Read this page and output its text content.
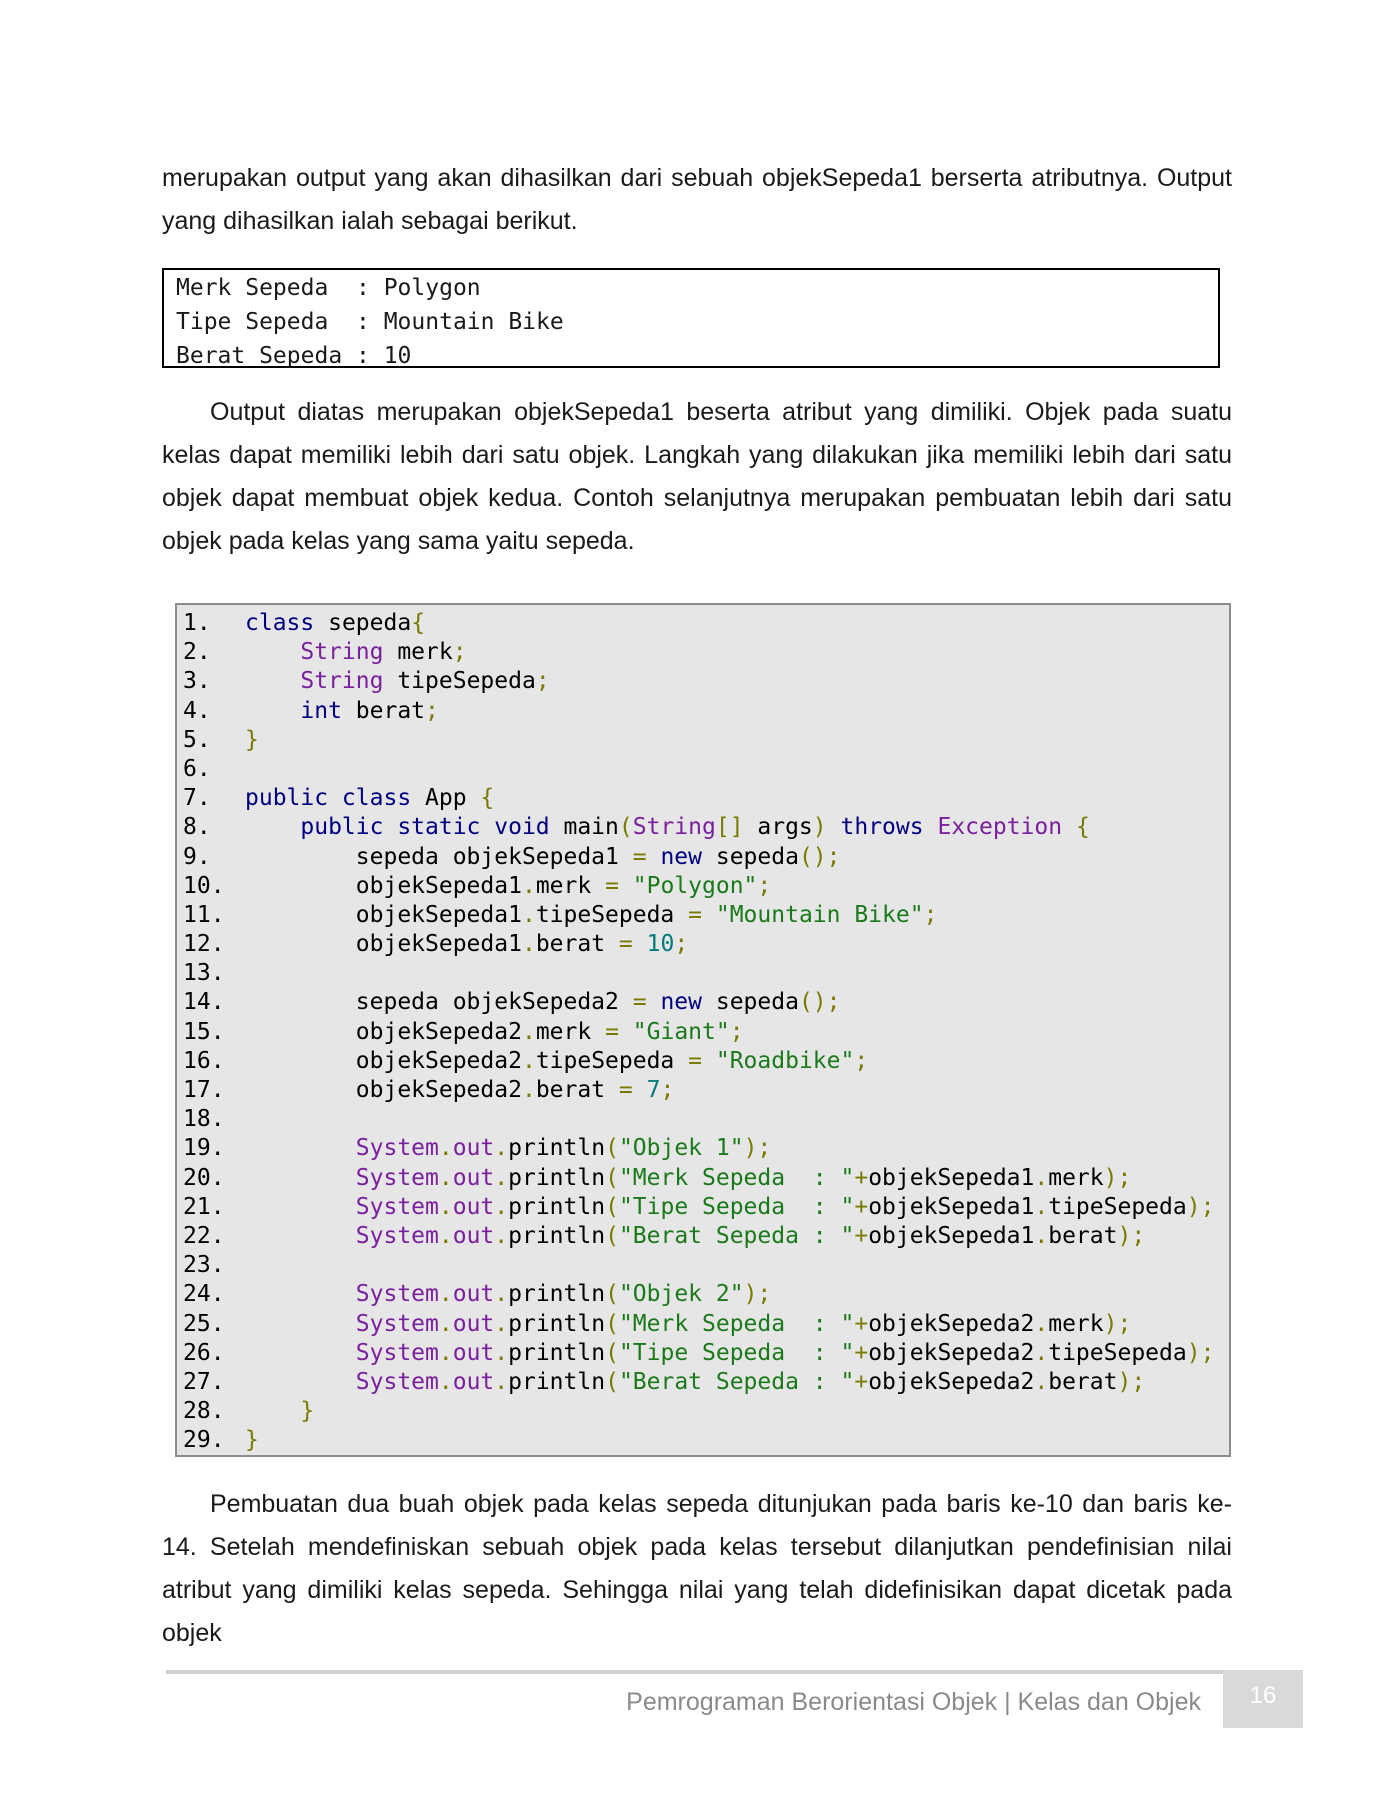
merupakan output yang akan dihasilkan dari sebuah objekSepeda1 berserta atributnya. Output yang dihasilkan ialah sebagai berikut.
Merk Sepeda  : Polygon
Tipe Sepeda  : Mountain Bike
Berat Sepeda : 10
Output diatas merupakan objekSepeda1 beserta atribut yang dimiliki. Objek pada suatu kelas dapat memiliki lebih dari satu objek. Langkah yang dilakukan jika memiliki lebih dari satu objek dapat membuat objek kedua. Contoh selanjutnya merupakan pembuatan lebih dari satu objek pada kelas yang sama yaitu sepeda.
1. class sepeda{
2.	String merk;
3.	String tipeSepeda;
4.	int berat;
5. }
6.
7. public class App {
8.	public static void main(String[] args) throws Exception {
9.        sepeda objekSepeda1 = new sepeda();
10.        objekSepeda1.merk = "Polygon";
11.        objekSepeda1.tipeSepeda = "Mountain Bike";
12.        objekSepeda1.berat = 10;
13.
14.        sepeda objekSepeda2 = new sepeda();
15.        objekSepeda2.merk = "Giant";
16.        objekSepeda2.tipeSepeda = "Roadbike";
17.        objekSepeda2.berat = 7;
18.
19.	System.out.println("Objek 1");
20.	System.out.println("Merk Sepeda  : "+objekSepeda1.merk);
21.	System.out.println("Tipe Sepeda  : "+objekSepeda1.tipeSepeda);
22.	System.out.println("Berat Sepeda : "+objekSepeda1.berat);
23.
24.	System.out.println("Objek 2");
25.	System.out.println("Merk Sepeda  : "+objekSepeda2.merk);
26.	System.out.println("Tipe Sepeda  : "+objekSepeda2.tipeSepeda);
27.	System.out.println("Berat Sepeda : "+objekSepeda2.berat);
28.	}
29. }
Pembuatan dua buah objek pada kelas sepeda ditunjukan pada baris ke-10 dan baris ke-14. Setelah mendefiniskan sebuah objek pada kelas tersebut dilanjutkan pendefinisian nilai atribut yang dimiliki kelas sepeda. Sehingga nilai yang telah didefinisikan dapat dicetak pada objek
Pemrograman Berorientasi Objek | Kelas dan Objek	16
